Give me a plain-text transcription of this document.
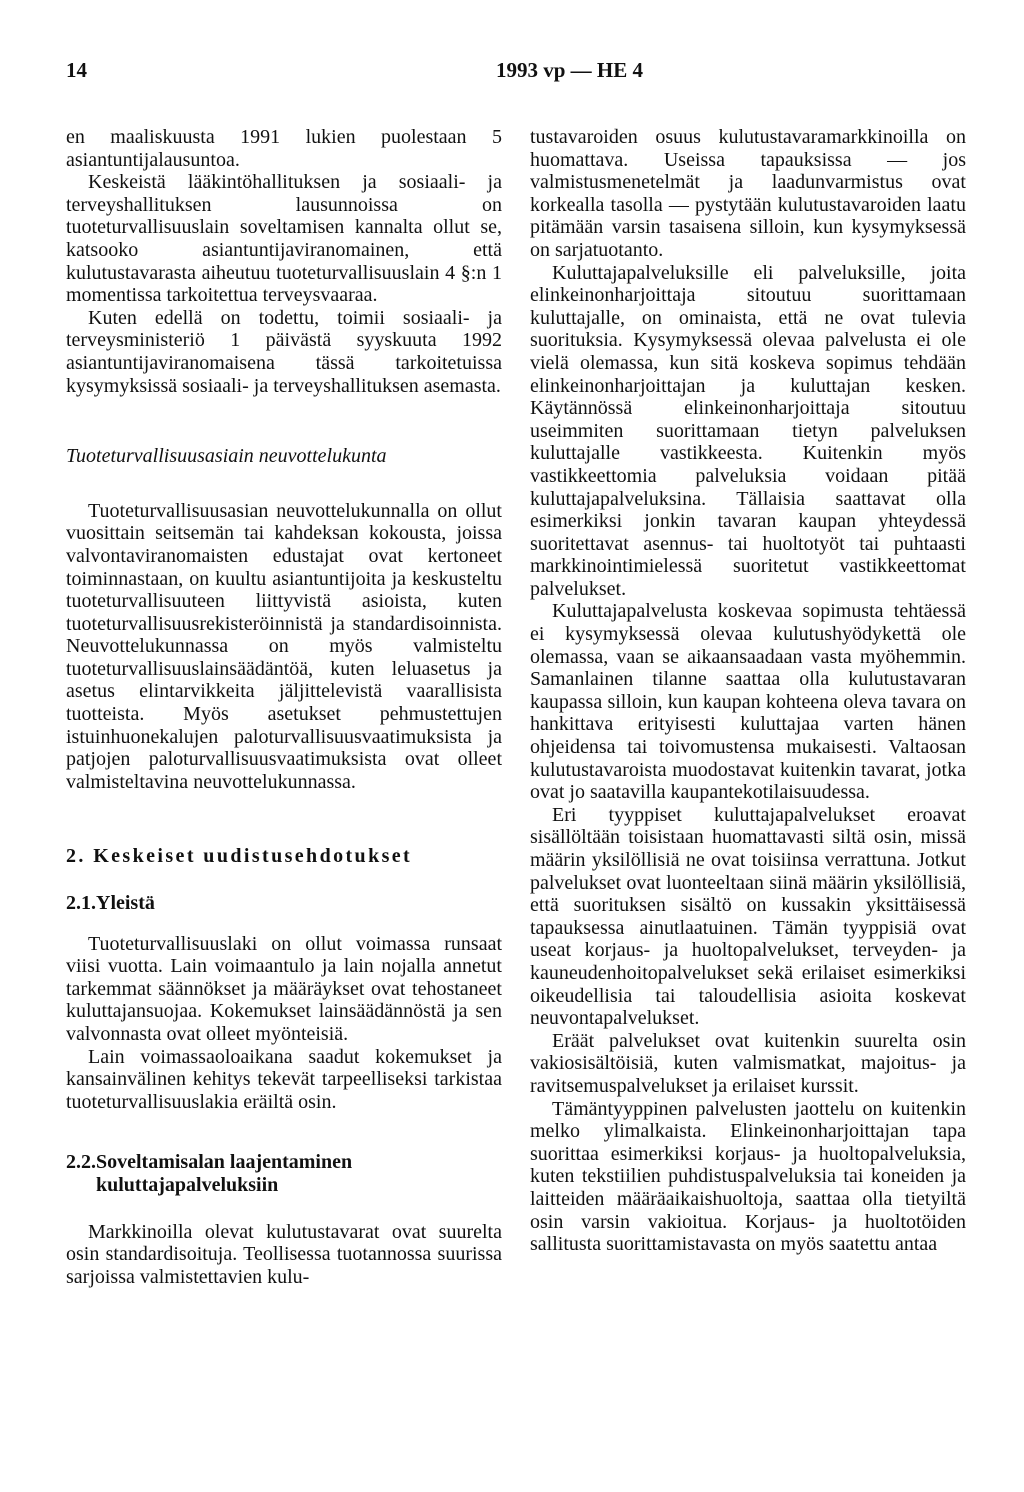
14	1993 vp — HE 4

en maaliskuusta 1991 lukien puolestaan 5 asiantuntijalausuntoa.

Keskeistä lääkintöhallituksen ja sosiaali- ja terveyshallituksen lausunnoissa on tuoteturvallisuuslain soveltamisen kannalta ollut se, katsooko asiantuntijaviranomainen, että kulutustavarasta aiheutuu tuoteturvallisuuslain 4 §:n 1 momentissa tarkoitettua terveysvaaraa.

Kuten edellä on todettu, toimii sosiaali- ja terveysministeriö 1 päivästä syyskuuta 1992 asiantuntijaviranomaisena tässä tarkoitetuissa kysymyksissä sosiaali- ja terveyshallituksen asemasta.

Tuoteturvallisuusasiain neuvottelukunta

Tuoteturvallisuusasian neuvottelukunnalla on ollut vuosittain seitsemän tai kahdeksan kokousta, joissa valvontaviranomaisten edustajat ovat kertoneet toiminnastaan, on kuultu asiantuntijoita ja keskusteltu tuoteturvallisuuteen liittyvistä asioista, kuten tuoteturvallisuusrekisteröinnistä ja standardisoinnista. Neuvottelukunnassa on myös valmisteltu tuoteturvallisuuslainsäädäntöä, kuten leluasetus ja asetus elintarvikkeita jäljittelevistä vaarallisista tuotteista. Myös asetukset pehmustettujen istuinhuonekalujen paloturvallisuusvaatimuksista ja patjojen paloturvallisuusvaatimuksista ovat olleet valmisteltavina neuvottelukunnassa.

2. Keskeiset uudistusehdotukset

2.1.Yleistä

Tuoteturvallisuuslaki on ollut voimassa runsaat viisi vuotta. Lain voimaantulo ja lain nojalla annetut tarkemmat säännökset ja määräykset ovat tehostaneet kuluttajansuojaa. Kokemukset lainsäädännöstä ja sen valvonnasta ovat olleet myönteisiä.

Lain voimassaoloaikana saadut kokemukset ja kansainvälinen kehitys tekevät tarpeelliseksi tarkistaa tuoteturvallisuuslakia eräiltä osin.

2.2. Soveltamisalan laajentaminen kuluttajapalveluksiin

Markkinoilla olevat kulutustavarat ovat suurelta osin standardisoituja. Teollisessa tuotannossa suurissa sarjoissa valmistettavien kulu-

tustavaroiden osuus kulutustavaramarkkinoilla on huomattava. Useissa tapauksissa — jos valmistusmenetelmät ja laadunvarmistus ovat korkealla tasolla — pystytään kulutustavaroiden laatu pitämään varsin tasaisena silloin, kun kysymyksessä on sarjatuotanto.

Kuluttajapalveluksille eli palveluksille, joita elinkeinonharjoittaja sitoutuu suorittamaan kuluttajalle, on ominaista, että ne ovat tulevia suorituksia. Kysymyksessä olevaa palvelusta ei ole vielä olemassa, kun sitä koskeva sopimus tehdään elinkeinonharjoittajan ja kuluttajan kesken. Käytännössä elinkeinonharjoittaja sitoutuu useimmiten suorittamaan tietyn palveluksen kuluttajalle vastikkeesta. Kuitenkin myös vastikkeettomia palveluksia voidaan pitää kuluttajapalveluksina. Tällaisia saattavat olla esimerkiksi jonkin tavaran kaupan yhteydessä suoritettavat asennus- tai huoltotyöt tai puhtaasti markkinointimielessä suoritetut vastikkeettomat palvelukset.

Kuluttajapalvelusta koskevaa sopimusta tehtäessä ei kysymyksessä olevaa kulutushyödykettä ole olemassa, vaan se aikaansaadaan vasta myöhemmin. Samanlainen tilanne saattaa olla kulutustavaran kaupassa silloin, kun kaupan kohteena oleva tavara on hankittava erityisesti kuluttajaa varten hänen ohjeidensa tai toivomustensa mukaisesti. Valtaosan kulutustavaroista muodostavat kuitenkin tavarat, jotka ovat jo saatavilla kaupantekotilaisuudessa.

Eri tyyppiset kuluttajapalvelukset eroavat sisällöltään toisistaan huomattavasti siltä osin, missä määrin yksilöllisiä ne ovat toisiinsa verrattuna. Jotkut palvelukset ovat luonteeltaan siinä määrin yksilöllisiä, että suorituksen sisältö on kussakin yksittäisessä tapauksessa ainutlaatuinen. Tämän tyyppisiä ovat useat korjaus- ja huoltopalvelukset, terveyden- ja kauneudenhoitopalvelukset sekä erilaiset esimerkiksi oikeudellisia tai taloudellisia asioita koskevat neuvontapalvelukset.

Eräät palvelukset ovat kuitenkin suurelta osin vakiosisältöisiä, kuten valmismatkat, majoitus- ja ravitsemuspalvelukset ja erilaiset kurssit.

Tämäntyyppinen palvelusten jaottelu on kuitenkin melko ylimalkaista. Elinkeinonharjoittajan tapa suorittaa esimerkiksi korjaus- ja huoltopalveluksia, kuten tekstiilien puhdistuspalveluksia tai koneiden ja laitteiden määräaikaishuoltoja, saattaa olla tietyiltä osin varsin vakioitua. Korjaus- ja huoltotöiden sallitusta suorittamistavasta on myös saatettu antaa
